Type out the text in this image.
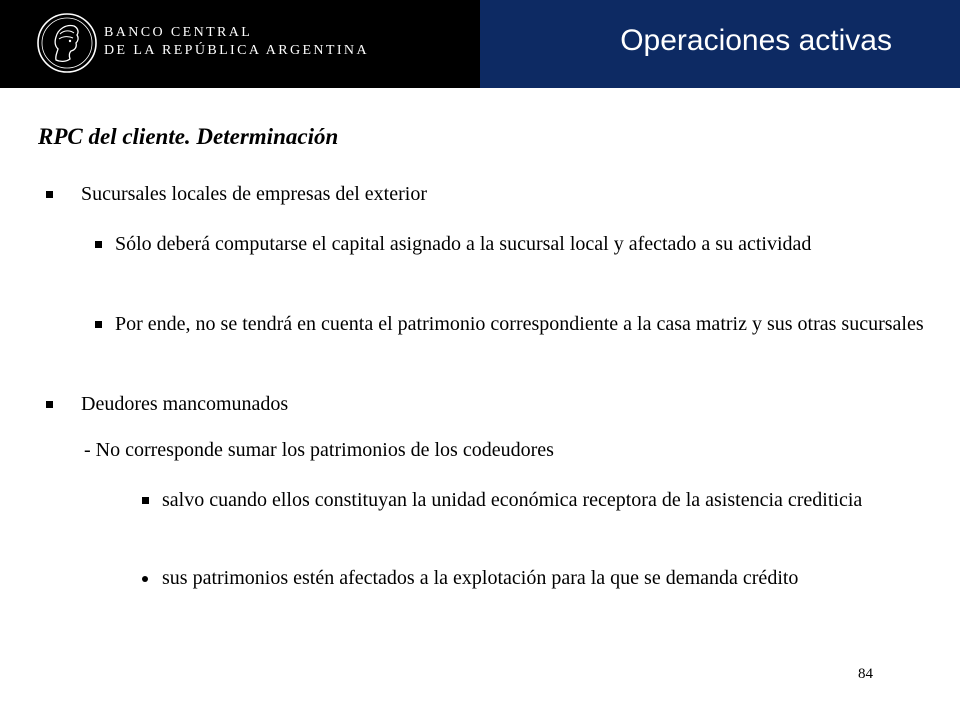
BANCO CENTRAL
DE LA REPÚBLICA ARGENTINA	Operaciones activas
RPC del cliente. Determinación
Sucursales locales de empresas del exterior
Sólo deberá computarse el capital asignado a la sucursal local y afectado a su actividad
Por ende, no se tendrá en cuenta el patrimonio correspondiente a la casa matriz y sus otras sucursales
Deudores mancomunados
- No corresponde sumar los patrimonios de los codeudores
salvo cuando ellos constituyan la unidad económica receptora de la asistencia crediticia
sus patrimonios estén afectados a la explotación para la que se demanda crédito
84
